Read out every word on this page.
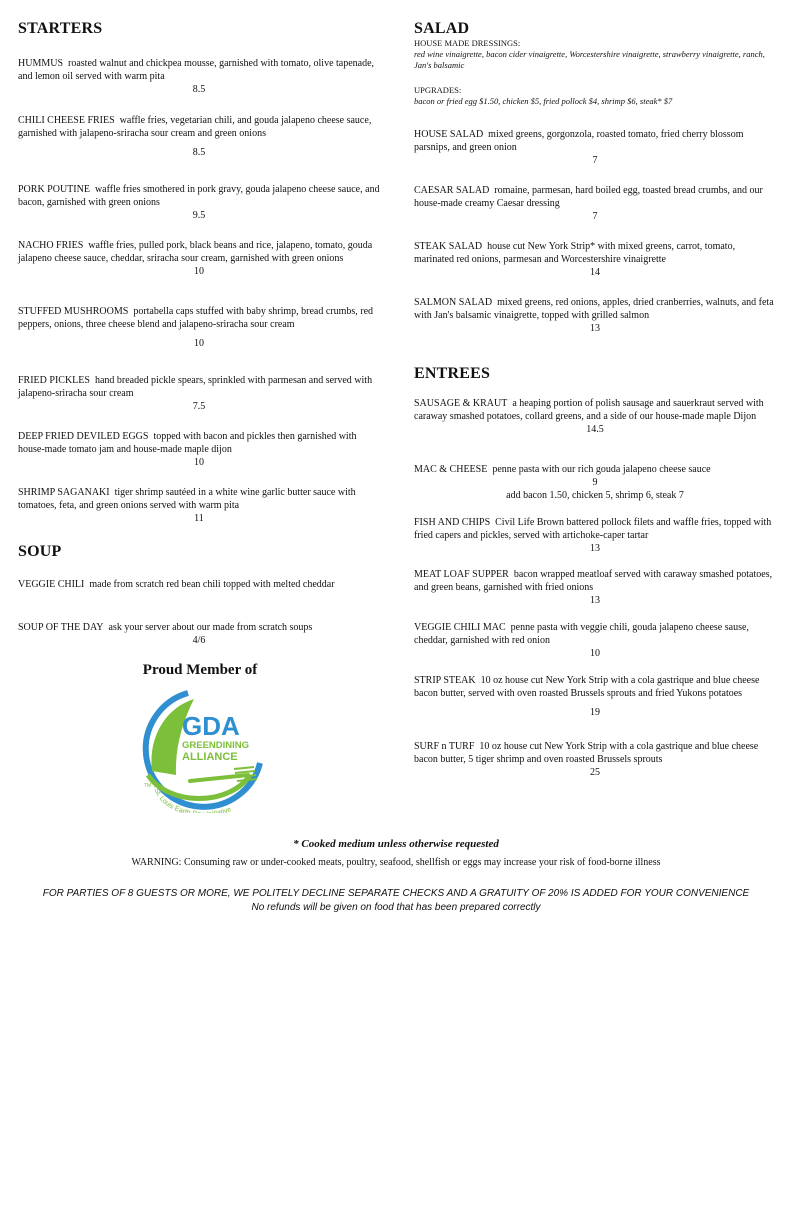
STARTERS
HUMMUS roasted walnut and chickpea mousse, garnished with tomato, olive tapenade, and lemon oil served with warm pita
8.5
CHILI CHEESE FRIES waffle fries, vegetarian chili, and gouda jalapeno cheese sauce, garnished with jalapeno-sriracha sour cream and green onions
8.5
PORK POUTINE waffle fries smothered in pork gravy, gouda jalapeno cheese sauce, and bacon, garnished with green onions
9.5
NACHO FRIES waffle fries, pulled pork, black beans and rice, jalapeno, tomato, gouda jalapeno cheese sauce, cheddar, sriracha sour cream, garnished with green onions
10
STUFFED MUSHROOMS portabella caps stuffed with baby shrimp, bread crumbs, red peppers, onions, three cheese blend and jalapeno-sriracha sour cream
10
FRIED PICKLES hand breaded pickle spears, sprinkled with parmesan and served with jalapeno-sriracha sour cream
7.5
DEEP FRIED DEVILED EGGS topped with bacon and pickles then garnished with house-made tomato jam and house-made maple dijon
10
SHRIMP SAGANAKI tiger shrimp sautéed in a white wine garlic butter sauce with tomatoes, feta, and green onions served with warm pita
11
SOUP
VEGGIE CHILI made from scratch red bean chili topped with melted cheddar
SOUP OF THE DAY ask your server about our made from scratch soups
4/6
Proud Member of
GDA
GREENDINING
ALLIANCE
TM A St. Louis Eart tive
SALAD
HOUSE MADE DRESSINGS:
red wine vinaigrette, bacon cider vinaigrette, Worcestershire vinaigrette, strawberry vinaigrette, ranch, Jan's balsamic
UPGRADES:
bacon or fried egg $1.50, chicken $5, fried pollock $4, shrimp $6, steak* $7
HOUSE SALAD mixed greens, gorgonzola, roasted tomato, fried cherry blossom parsnips, and green onion
7
CAESAR SALAD romaine, parmesan, hard boiled egg, toasted bread crumbs, and our house-made creamy Caesar dressing
7
STEAK SALAD house cut New York Strip* with mixed greens, carrot, tomato, marinated red onions, parmesan and Worcestershire vinaigrette
14
SALMON SALAD mixed greens, red onions, apples, dried cranberries, walnuts, and feta with Jan's balsamic vinaigrette, topped with grilled salmon
13
ENTREES
SAUSAGE & KRAUT a heaping portion of polish sausage and sauerkraut served with caraway smashed potatoes, collard greens, and a side of our house-made maple Dijon
14.5
MAC & CHEESE penne pasta with our rich gouda jalapeno cheese sauce
9
add bacon 1.50, chicken 5, shrimp 6, steak 7
FISH AND CHIPS Civil Life Brown battered pollock filets and waffle fries, topped with fried capers and pickles, served with artichoke-caper tartar
13
MEAT LOAF SUPPER bacon wrapped meatloaf served with caraway smashed potatoes, and green beans, garnished with fried onions
13
VEGGIE CHILI MAC penne pasta with veggie chili, gouda jalapeno cheese sause, cheddar, garnished with red onion
10
STRIP STEAK 10 oz house cut New York Strip with a cola gastrique and blue cheese bacon butter, served with oven roasted Brussels sprouts and fried Yukons potatoes
19
SURF n TURF 10 oz house cut New York Strip with a cola gastrique and blue cheese bacon butter, 5 tiger shrimp and oven roasted Brussels sprouts
25
* Cooked medium unless otherwise requested
WARNING: Consuming raw or under-cooked meats, poultry, seafood, shellfish or eggs may increase your risk of food-borne illness
FOR PARTIES OF 8 GUESTS OR MORE, WE POLITELY DECLINE SEPARATE CHECKS AND A GRATUITY OF 20% IS ADDED FOR YOUR CONVENIENCE
No refunds will be given on food that has been prepared correctly
